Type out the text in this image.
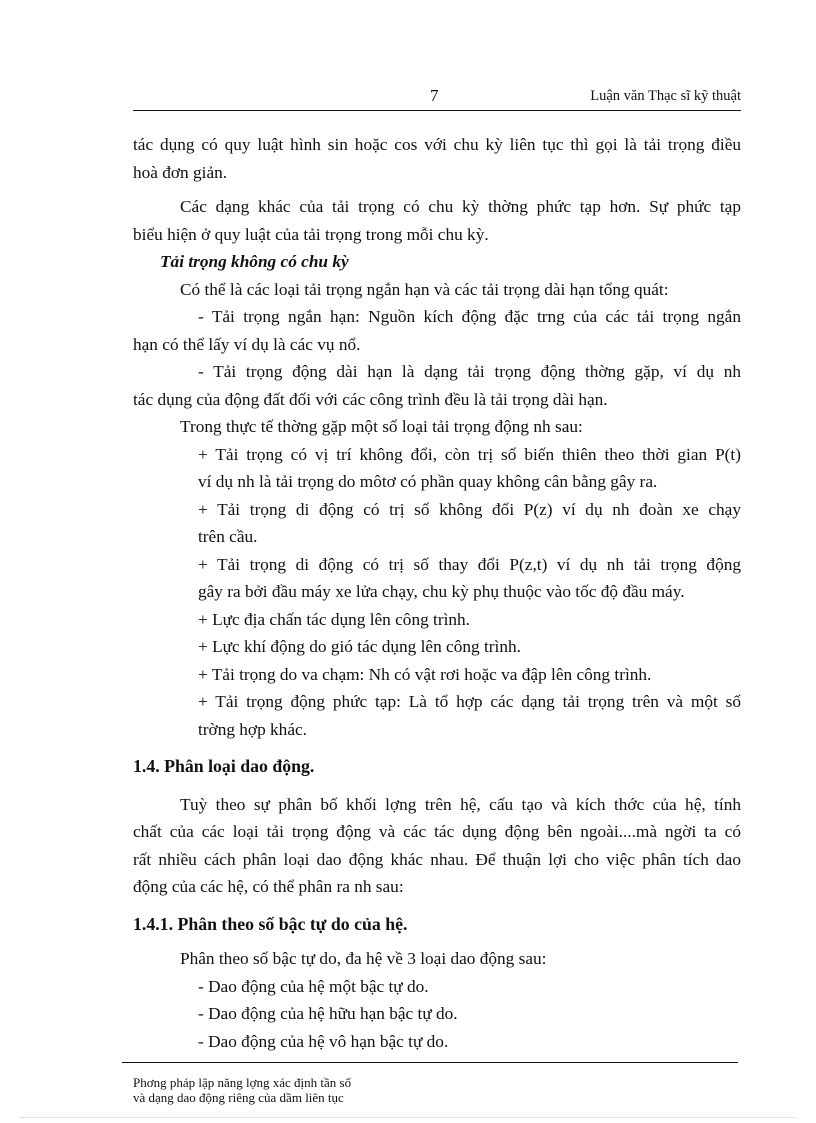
7	Luận văn Thạc sĩ kỹ thuật
tác dụng có quy luật hình sin hoặc cos với chu kỳ liên tục thì gọi là tải trọng điều
hoà đơn giản.
Các dạng khác của tải trọng có chu kỳ thờng phức tạp hơn. Sự phức tạp
biểu hiện ở quy luật của tải trọng trong mỗi chu kỳ.
Tải trọng không có chu kỳ
Có thể là các loại tải trọng ngắn hạn và các tải trọng dài hạn tổng quát:
- Tải trọng ngắn hạn: Nguồn kích động đặc trng của các tải trọng ngắn
hạn có thể lấy ví dụ là các vụ nổ.
- Tải trọng động dài hạn là dạng tải trọng động thờng gặp, ví dụ nh
tác dụng của động đất đối với các công trình đều là tải trọng dài hạn.
Trong thực tế thờng gặp một số loại tải trọng động nh sau:
+ Tải trọng có vị trí không đổi, còn trị số biến thiên theo thời gian P(t)
ví dụ nh là tải trọng do môtơ có phần quay không cân bằng gây ra.
+ Tải trọng di động có trị số không đổi P(z) ví dụ nh đoàn xe chạy
trên cầu.
+ Tải trọng di động có trị số thay đổi P(z,t) ví dụ nh tải trọng động
gây ra bởi đầu máy xe lửa chạy, chu kỳ phụ thuộc vào tốc độ đầu máy.
+ Lực địa chấn tác dụng lên công trình.
+ Lực khí động do gió tác dụng lên công trình.
+ Tải trọng do va chạm: Nh có vật rơi hoặc va đập lên công trình.
+ Tải trọng động phức tạp: Là tổ hợp các dạng tải trọng trên và một số
trờng hợp khác.
1.4. Phân loại dao động.
Tuỳ theo sự phân bố khối lợng trên hệ, cấu tạo và kích thớc của hệ, tính
chất của các loại tải trọng động và các tác dụng động bên ngoài....mà ngời ta có
rất nhiều cách phân loại dao động khác nhau. Để thuận lợi cho việc phân tích dao
động của các hệ, có thể phân ra nh sau:
1.4.1. Phân theo số bậc tự do của hệ.
Phân theo số bậc tự do, đa hệ về 3 loại dao động sau:
- Dao động của hệ một bậc tự do.
- Dao động của hệ hữu hạn bậc tự do.
- Dao động của hệ vô hạn bậc tự do.
Phơng pháp lập năng lợng xác định tần số
và dạng dao động riêng của dầm liên tục
